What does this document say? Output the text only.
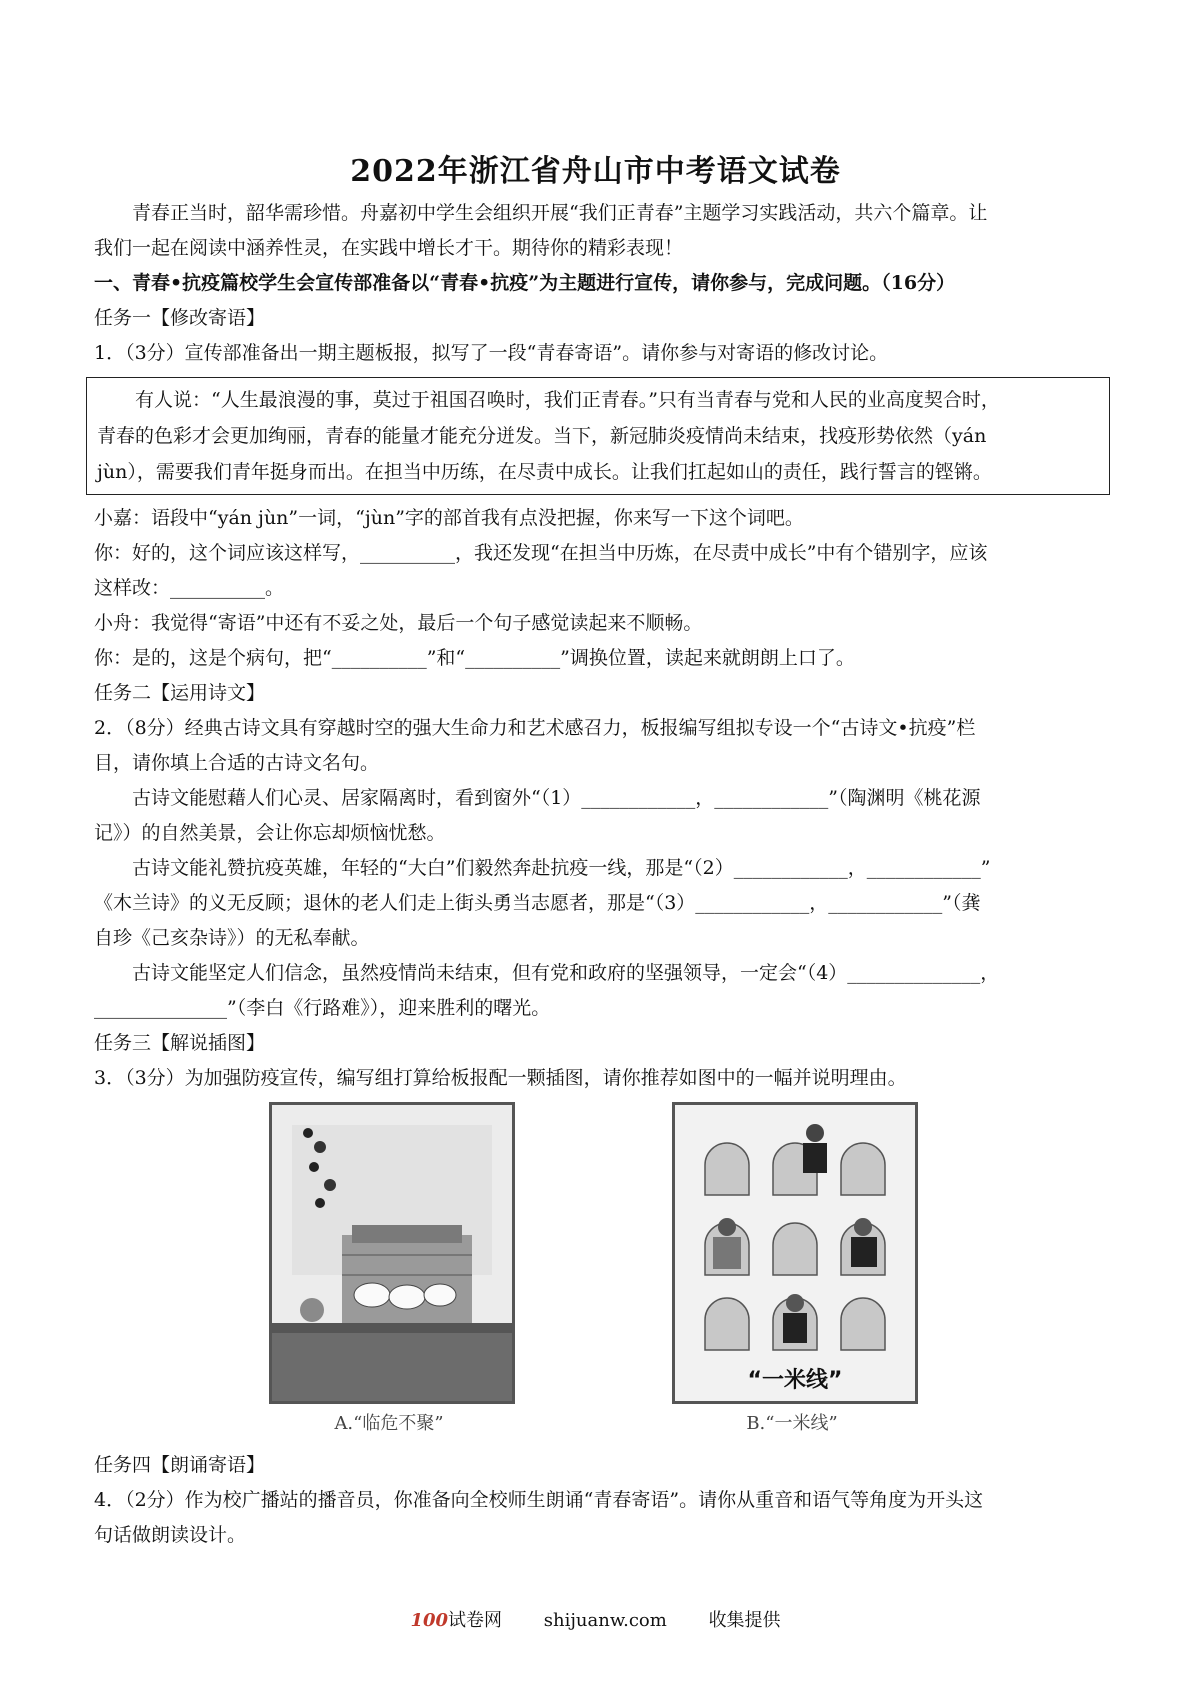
2022年浙江省舟山市中考语文试卷

青春正当时，韶华需珍惜。舟嘉初中学生会组织开展“我们正青春”主题学习实践活动，共六个篇章。让

我们一起在阅读中涵养性灵，在实践中增长才干。期待你的精彩表现！

一、青春•抗疫篇校学生会宣传部准备以“青春•抗疫”为主题进行宣传，请你参与，完成问题。（16分）

任务一【修改寄语】

1．（3分）宣传部准备出一期主题板报，拟写了一段“青春寄语”。请你参与对寄语的修改讨论。

有人说：“人生最浪漫的事，莫过于祖国召唤时，我们正青春。”只有当青春与党和人民的业高度契合时，

青春的色彩才会更加绚丽，青春的能量才能充分迸发。当下，新冠肺炎疫情尚未结束，找疫形势依然（yán

jùn），需要我们青年挺身而出。在担当中历练，在尽责中成长。让我们扛起如山的责任，践行誓言的铿锵。

小嘉：语段中“yán jùn”一词，“jùn”字的部首我有点没把握，你来写一下这个词吧。

你：好的，这个词应该这样写，__________，我还发现“在担当中历炼，在尽责中成长”中有个错别字，应该

这样改：__________。

小舟：我觉得“寄语”中还有不妥之处，最后一个句子感觉读起来不顺畅。

你：是的，这是个病句，把“__________”和“__________”调换位置，读起来就朗朗上口了。

任务二【运用诗文】

2．（8分）经典古诗文具有穿越时空的强大生命力和艺术感召力，板报编写组拟专设一个“古诗文•抗疫”栏

目，请你填上合适的古诗文名句。

古诗文能慰藉人们心灵、居家隔离时，看到窗外“（1）____________，____________”（陶渊明《桃花源

记》）的自然美景，会让你忘却烦恼忧愁。

古诗文能礼赞抗疫英雄，年轻的“大白”们毅然奔赴抗疫一线，那是“（2）____________，____________”

《木兰诗》的义无反顾；退休的老人们走上街头勇当志愿者，那是“（3）____________，____________”（龚

自珍《己亥杂诗》）的无私奉献。

古诗文能坚定人们信念，虽然疫情尚未结束，但有党和政府的坚强领导，一定会“（4）______________，

______________”（李白《行路难》），迎来胜利的曙光。

任务三【解说插图】

3．（3分）为加强防疫宣传，编写组打算给板报配一颗插图，请你推荐如图中的一幅并说明理由。

“一米线”
A.“临危不聚”	B.“一米线”

任务四【朗诵寄语】

4．（2分）作为校广播站的播音员，你准备向全校师生朗诵“青春寄语”。请你从重音和语气等角度为开头这

句话做朗读设计。

100试卷网 shijuanw.com 收集提供
